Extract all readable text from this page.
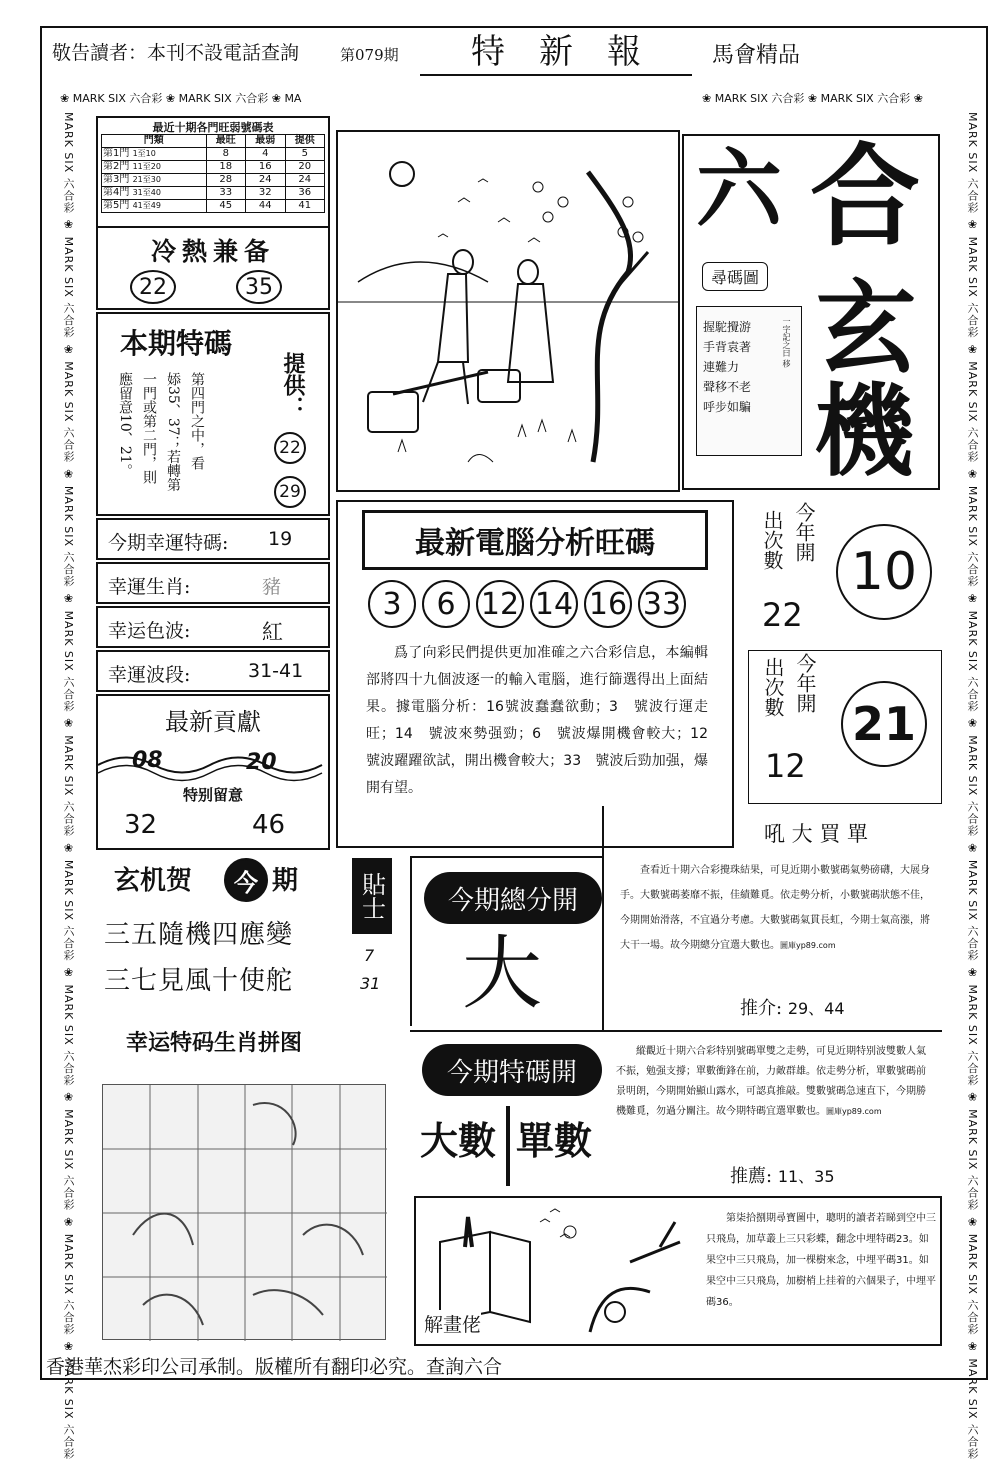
敬告讀者：本刊不設電話查詢	第079期	特　新　報	馬會精品
❀ MARK SIX 六合彩 ❀ MARK SIX 六合彩 ❀ MA	❀ MARK SIX 六合彩 ❀ MARK SIX 六合彩 ❀
MARK SIX 六合彩 ❀ MARK SIX 六合彩 ❀ MARK SIX 六合彩 ❀ MARK SIX 六合彩 ❀ MARK SIX 六合彩 ❀ MARK SIX 六合彩 ❀ MARK SIX 六合彩 ❀ MARK SIX 六合彩 ❀ MARK SIX 六合彩 ❀ MARK SIX 六合彩 ❀ MARK SIX 六合彩
MARK SIX 六合彩 ❀ MARK SIX 六合彩 ❀ MARK SIX 六合彩 ❀ MARK SIX 六合彩 ❀ MARK SIX 六合彩 ❀ MARK SIX 六合彩 ❀ MARK SIX 六合彩 ❀ MARK SIX 六合彩 ❀ MARK SIX 六合彩 ❀ MARK SIX 六合彩 ❀ MARK SIX 六合彩
最近十期各門旺弱號碼表
門類	最旺	最弱	提供
第1門 1至10	8	4	5
第2門 11至20	18	16	20
第3門 21至30	28	24	24
第4門 31至40	33	32	36
第5門 41至49	45	44	41
冷熱兼备
22	35
本期特碼
第四門之中，看
婖35、37；若轉第
一門或第二門，則
應留意10、21。	提供：
22
29
今期幸運特碼: 19
幸運生肖:	豬
幸运色波:	紅
幸運波段:	31-41
最新貢獻
08	20
特别留意
32	46
六 合
尋碼圖
握駝攪游
手背袁著
連難力
聲移不老
呼步如騙
一字記之曰 移 玄
機
最新電腦分析旺碼
3	6 12 14 16 33
爲了向彩民們提供更加准確之六合彩信息，本編輯部將四十九個波逐一的輸入電腦，進行篩選得出上面結果。據電腦分析：16號波蠢蠢欲動；3　號波行運走旺；14　號波來勢强勁；6　號波爆開機會較大；12　號波躍躍欲試，開出機會較大；33　號波后勁加强，爆開有望。
出次數 今年開
22
10
出次數 今年開
12
21
吼 大 買 單
查看近十期六合彩攪珠結果，可見近期小數號碼氣勢磅礴，大展身手。大數號碼萎靡不振，佳績難覓。依走勢分析，小數號碼狀態不佳，今期開始滑落，不宜過分考慮。大數號碼氣貫長虹，今期士氣高漲，將大干一場。故今期總分宜選大數也。圖庫yp89.com
推介: 29、44
今期總分開
大
玄机贺	今 期
三五隨機四應變
三七見風十使舵
貼士
7
31
幸运特码生肖拼图
今期特碼開
大數 單數
縱觀近十期六合彩特别號碼單雙之走勢，可見近期特别波雙數人氣不振，勉强支撐；單數衝鋒在前，力敵群雄。依走勢分析，單數號碼前景明朗，今期開始顯山露水，可認真推敲。雙數號碼急速直下，今期勝機難覓，勿過分關注。故今期特碼宜選單數也。圖庫yp89.com
推薦: 11、35
解畫佬
第柒拾捌期尋寶圖中，聰明的讀者若睇到空中三只飛鳥，加草叢上三只彩蝶，翻念中埋特碼23。如果空中三只飛鳥，加一棵樹來念，中埋平碼31。如果空中三只飛鳥，加樹梢上挂着的六個果子，中埋平碼36。
香港華杰彩印公司承制。版權所有翻印必究。查詢六合
